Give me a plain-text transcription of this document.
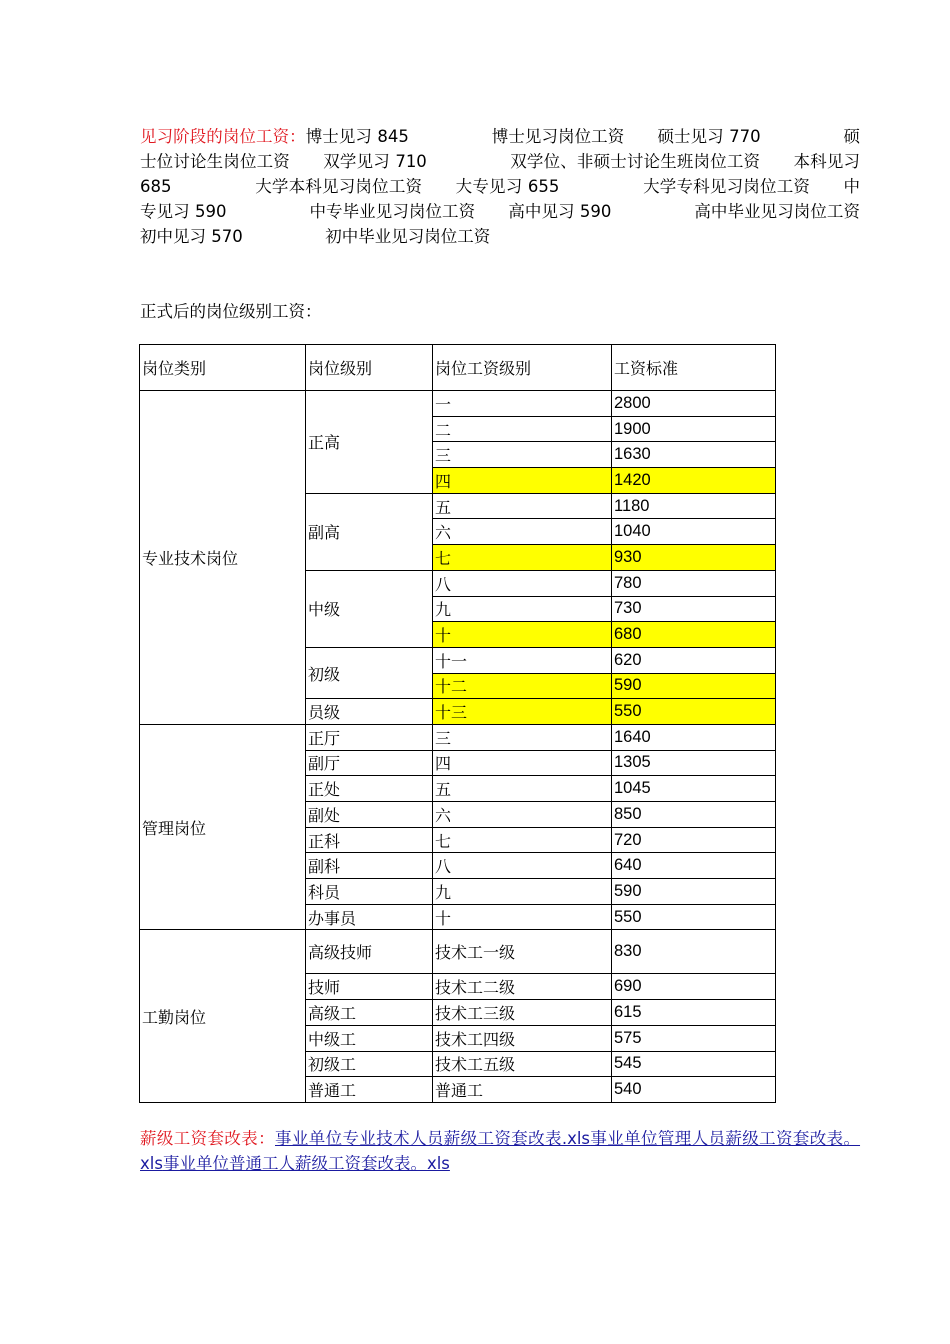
见习阶段的岗位工资：博士见习 845　　　　　博士见习岗位工资　　硕士见习 770　　　　　硕士位讨论生岗位工资　　双学见习 710　　　　　双学位、非硕士讨论生班岗位工资　　本科见习 685　　　　　大学本科见习岗位工资　　大专见习 655　　　　　大学专科见习岗位工资　　中专见习 590　　　　　中专毕业见习岗位工资　　高中见习 590　　　　　高中毕业见习岗位工资　　初中见习 570　　　　　初中毕业见习岗位工资
正式后的岗位级别工资：
岗位类别	岗位级别	岗位工资级别	工资标准
专业技术岗位	正高	一	2800
		二	1900
		三	1630
		四	1420
	副高	五	1180
		六	1040
		七	930
	中级	八	780
		九	730
		十	680
	初级	十一	620
		十二	590
	员级	十三	550
管理岗位	正厅	三	1640
	副厅	四	1305
	正处	五	1045
	副处	六	850
	正科	七	720
	副科	八	640
	科员	九	590
	办事员	十	550
工勤岗位	高级技师	技术工一级	830
	技师	技术工二级	690
	高级工	技术工三级	615
	中级工	技术工四级	575
	初级工	技术工五级	545
	普通工	普通工	540
薪级工资套改表：事业单位专业技术人员薪级工资套改表.xls事业单位管理人员薪级工资套改表。xls事业单位普通工人薪级工资套改表。xls
